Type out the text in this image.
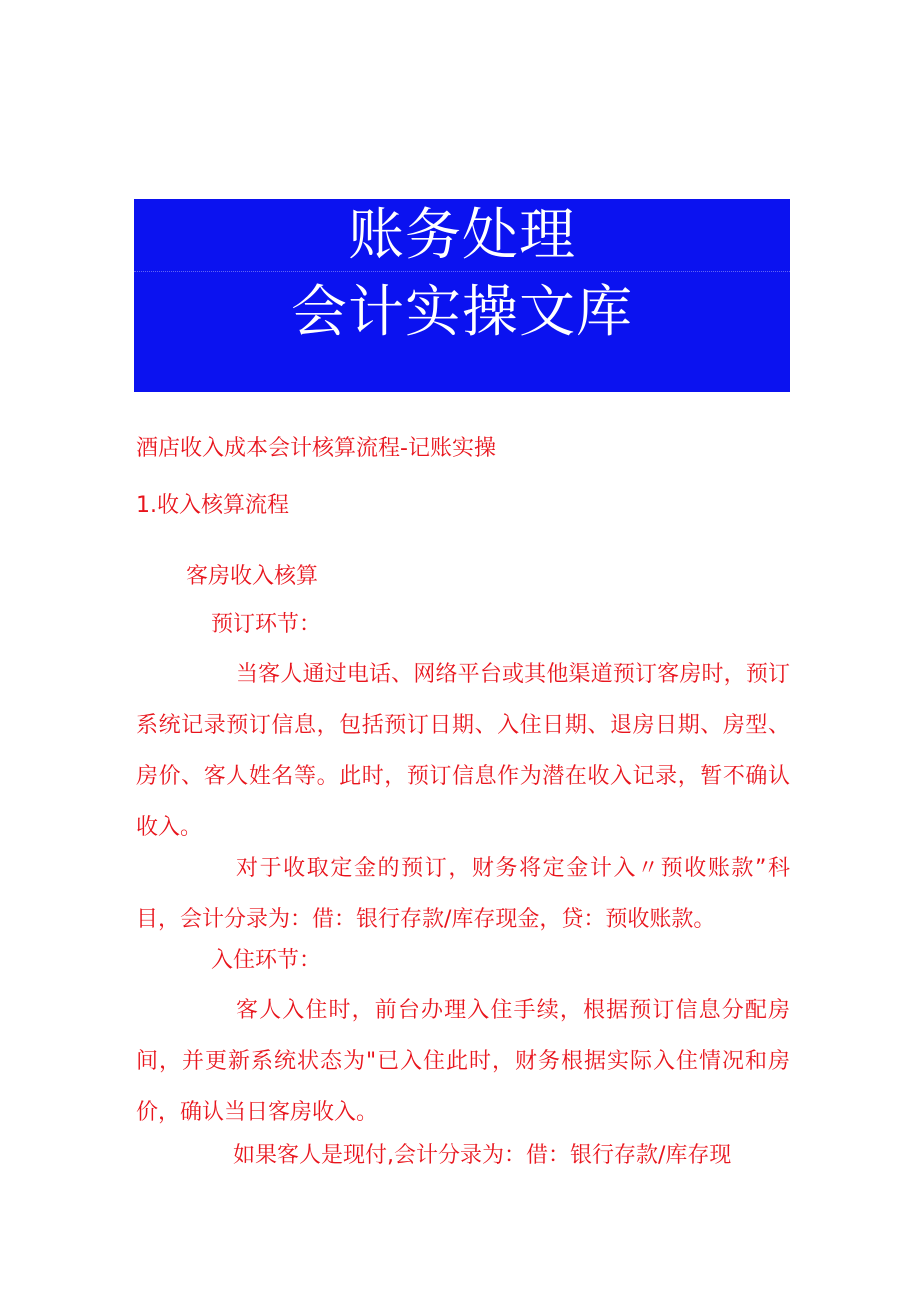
账务处理
会计实操文库
酒店收入成本会计核算流程-记账实操
1.收入核算流程
客房收入核算
预订环节：
当客人通过电话、网络平台或其他渠道预订客房时，预订系统记录预订信息，包括预订日期、入住日期、退房日期、房型、房价、客人姓名等。此时，预订信息作为潜在收入记录，暂不确认收入。
对于收取定金的预订，财务将定金计入〃预收账款”科目，会计分录为：借：银行存款/库存现金，贷：预收账款。
入住环节：
客人入住时，前台办理入住手续，根据预订信息分配房间，并更新系统状态为"已入住此时，财务根据实际入住情况和房价，确认当日客房收入。
如果客人是现付,会计分录为：借：银行存款/库存现
